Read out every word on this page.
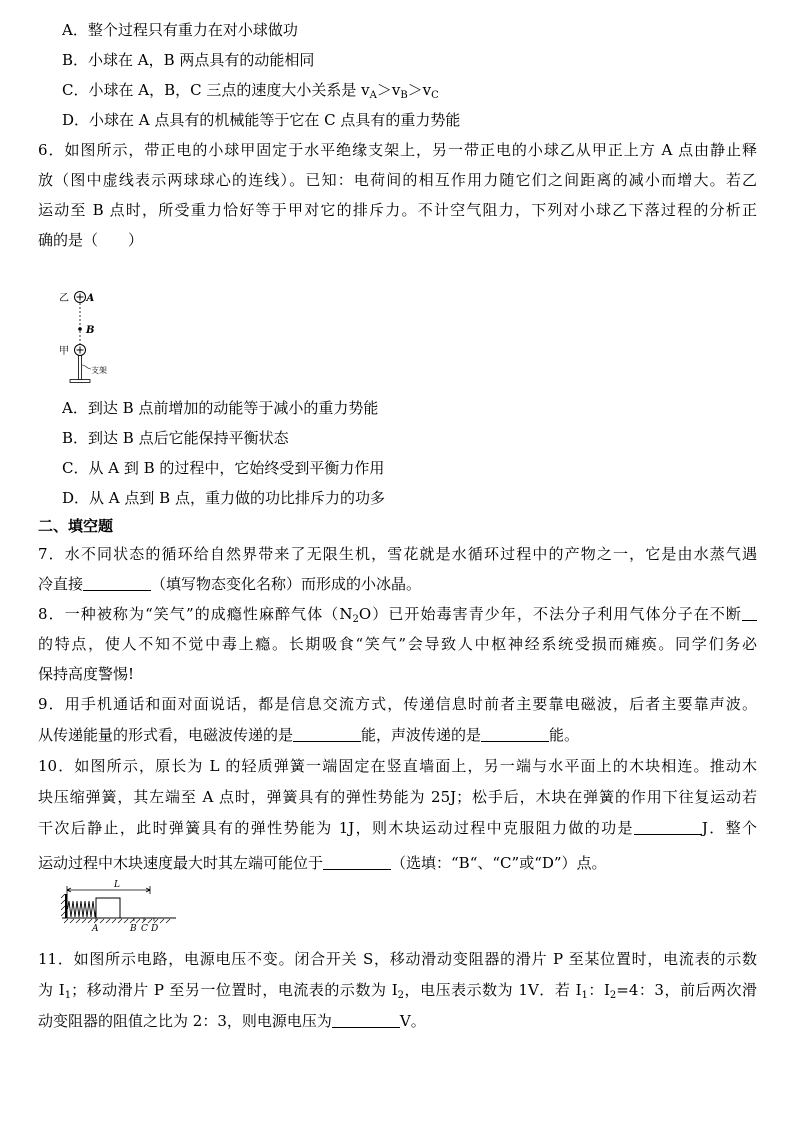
A．整个过程只有重力在对小球做功
B．小球在 A，B 两点具有的动能相同
C．小球在 A，B，C 三点的速度大小关系是 $v_A>v_B>v_C$
D．小球在 A 点具有的机械能等于它在 C 点具有的重力势能
6．如图所示，带正电的小球甲固定于水平绝缘支架上，另一带正电的小球乙从甲正上方 A 点由静止释
放（图中虚线表示两球球心的连线）。已知：电荷间的相互作用力随它们之间距离的减小而增大。若乙
运动至 B 点时，所受重力恰好等于甲对它的排斥力。不计空气阻力，下列对小球乙下落过程的分析正
确的是（　　）
乙 A
B
甲
支架
A．到达 B 点前增加的动能等于减小的重力势能
B．到达 B 点后它能保持平衡状态
C．从 A 到 B 的过程中，它始终受到平衡力作用
D．从 A 点到 B 点，重力做的功比排斥力的功多
二、填空题
7．水不同状态的循环给自然界带来了无限生机，雪花就是水循环过程中的产物之一，它是由水蒸气遇
冷直接	（填写物态变化名称）而形成的小冰晶。
8．一种被称为“笑气”的成瘾性麻醉气体$(N_2O)$已开始毒害青少年，不法分子利用气体分子在不断
的特点，使人不知不觉中毒上瘾。长期吸食“笑气”会导致人中枢神经系统受损而瘫痪。同学们务必
保持高度警惕!
9．用手机通话和面对面说话，都是信息交流方式，传递信息时前者主要靠电磁波，后者主要靠声波。
从传递能量的形式看，电磁波传递的是	能，声波传递的是	能。
10．如图所示，原长为 L 的轻质弹簧一端固定在竖直墙面上，另一端与水平面上的木块相连。推动木
块压缩弹簧，其左端至 A 点时，弹簧具有的弹性势能为 25J；松手后，木块在弹簧的作用下往复运动若
干次后静止，此时弹簧具有的弹性势能为 1J，则木块运动过程中克服阻力做的功是	J．整个
运动过程中木块速度最大时其左端可能位于	（选填：“B“、“C”或“D”）点。
L
A	B C D
11．如图所示电路，电源电压不变。闭合开关 S，移动滑动变阻器的滑片 P 至某位置时，电流表的示数
为 $I_1$；移动滑片 P 至另一位置时，电流表的示数为 $I_2$，电压表示数为 1V．若 $I_1$：$I_2=4$：3，前后两次滑
动变阻器的阻值之比为 2：3，则电源电压为	V。
